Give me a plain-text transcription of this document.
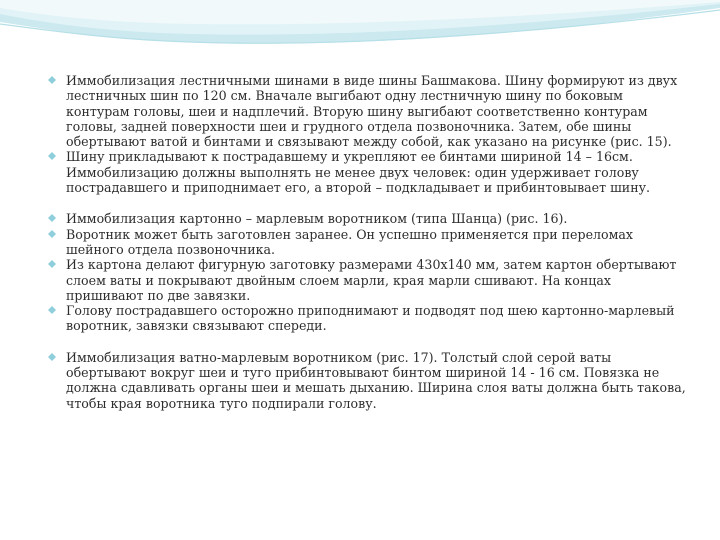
Иммобилизация лестничными шинами в виде шины Башмакова. Шину формируют из двух лестничных шин по 120 см. Вначале выгибают одну лестничную шину по боковым контурам головы, шеи и надплечий. Вторую шину выгибают соответственно контурам головы, задней поверхности шеи и грудного отдела позвоночника. Затем, обе шины обертывают ватой и бинтами и связывают между собой, как указано на рисунке (рис. 15).

Шину прикладывают к пострадавшему и укрепляют ее бинтами шириной 14 – 16см. Иммобилизацию должны выполнять не менее двух человек: один удерживает голову пострадавшего и приподнимает его, а второй – подкладывает и прибинтовывает шину.

Иммобилизация картонно – марлевым воротником (типа Шанца) (рис. 16).

Воротник может быть заготовлен заранее. Он успешно применяется при переломах шейного отдела позвоночника.

Из картона делают фигурную заготовку размерами 430х140 мм, затем картон обертывают слоем ваты и покрывают двойным слоем марли, края марли сшивают. На концах пришивают по две завязки.

Голову пострадавшего осторожно приподнимают и подводят под шею картонно-марлевый воротник, завязки связывают спереди.

Иммобилизация ватно-марлевым воротником (рис. 17). Толстый слой серой ваты обертывают вокруг шеи и туго прибинтовывают бинтом шириной 14 - 16 см. Повязка не должна сдавливать органы шеи и мешать дыханию. Ширина слоя ваты должна быть такова, чтобы края воротника туго подпирали голову.
